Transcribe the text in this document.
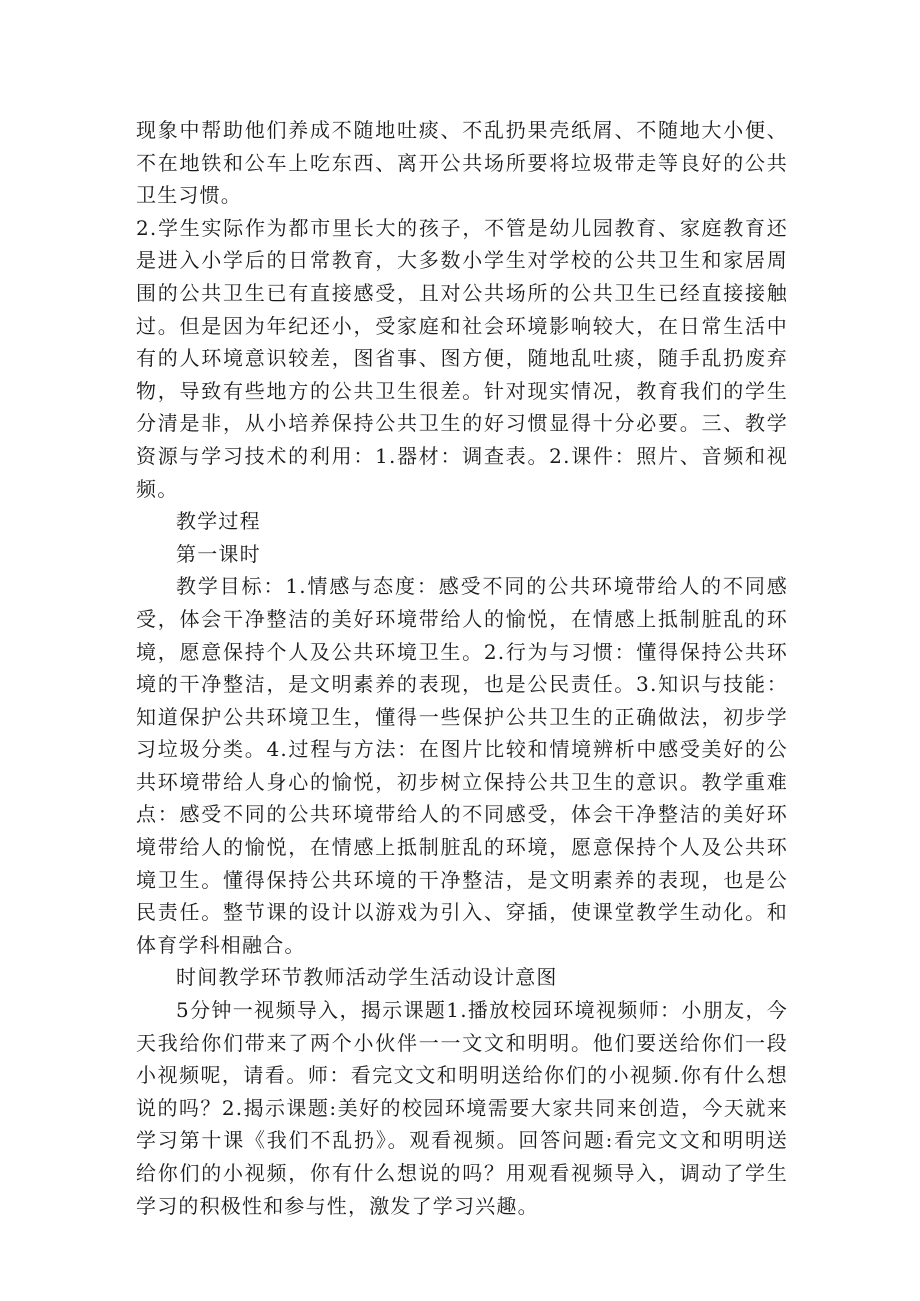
现象中帮助他们养成不随地吐痰、不乱扔果壳纸屑、不随地大小便、不在地铁和公车上吃东西、离开公共场所要将垃圾带走等良好的公共卫生习惯。

2.学生实际作为都市里长大的孩子，不管是幼儿园教育、家庭教育还是进入小学后的日常教育，大多数小学生对学校的公共卫生和家居周围的公共卫生已有直接感受，且对公共场所的公共卫生已经直接接触过。但是因为年纪还小，受家庭和社会环境影响较大，在日常生活中有的人环境意识较差，图省事、图方便，随地乱吐痰，随手乱扔废弃物，导致有些地方的公共卫生很差。针对现实情况，教育我们的学生分清是非，从小培养保持公共卫生的好习惯显得十分必要。三、教学资源与学习技术的利用：1.器材：调查表。2.课件：照片、音频和视频。

教学过程

第一课时

教学目标：1.情感与态度：感受不同的公共环境带给人的不同感受，体会干净整洁的美好环境带给人的愉悦，在情感上抵制脏乱的环境，愿意保持个人及公共环境卫生。2.行为与习惯：懂得保持公共环境的干净整洁，是文明素养的表现，也是公民责任。3.知识与技能：知道保护公共环境卫生，懂得一些保护公共卫生的正确做法，初步学习垃圾分类。4.过程与方法：在图片比较和情境辨析中感受美好的公共环境带给人身心的愉悦，初步树立保持公共卫生的意识。教学重难点：感受不同的公共环境带给人的不同感受，体会干净整洁的美好环境带给人的愉悦，在情感上抵制脏乱的环境，愿意保持个人及公共环境卫生。懂得保持公共环境的干净整洁，是文明素养的表现，也是公民责任。整节课的设计以游戏为引入、穿插，使课堂教学生动化。和体育学科相融合。

时间教学环节教师活动学生活动设计意图

5分钟一视频导入，揭示课题1.播放校园环境视频师：小朋友，今天我给你们带来了两个小伙伴一一文文和明明。他们要送给你们一段小视频呢，请看。师：看完文文和明明送给你们的小视频.你有什么想说的吗？2.揭示课题:美好的校园环境需要大家共同来创造，今天就来学习第十课《我们不乱扔》。观看视频。回答问题:看完文文和明明送给你们的小视频，你有什么想说的吗？用观看视频导入，调动了学生学习的积极性和参与性，激发了学习兴趣。
